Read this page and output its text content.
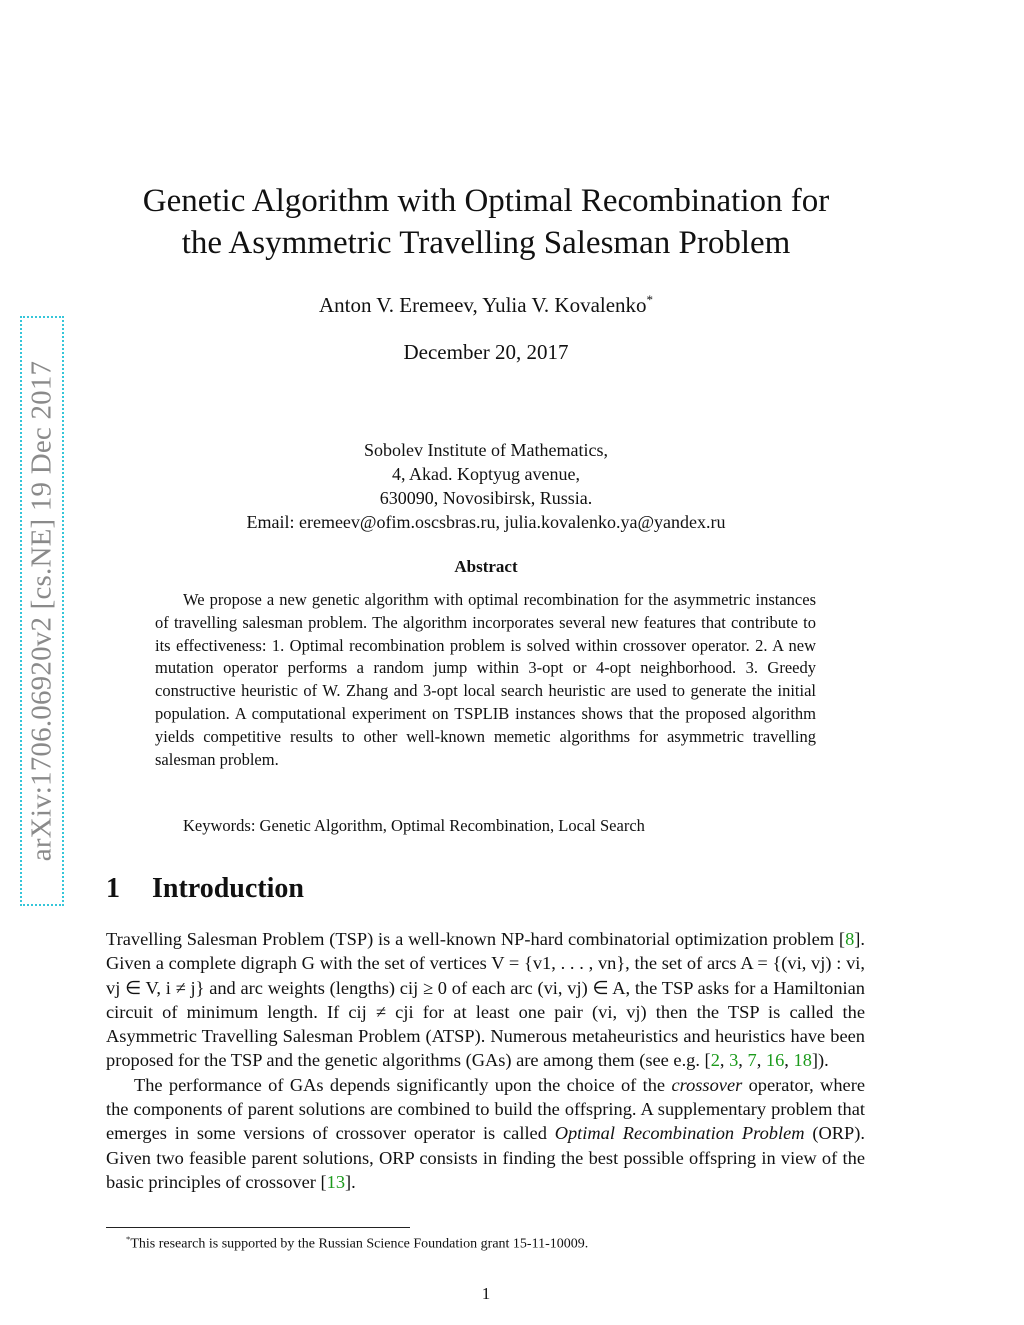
arXiv:1706.06920v2 [cs.NE] 19 Dec 2017
Genetic Algorithm with Optimal Recombination for
the Asymmetric Travelling Salesman Problem
Anton V. Eremeev, Yulia V. Kovalenko*
December 20, 2017
Sobolev Institute of Mathematics,
4, Akad. Koptyug avenue,
630090, Novosibirsk, Russia.
Email: eremeev@ofim.oscsbras.ru, julia.kovalenko.ya@yandex.ru
Abstract
We propose a new genetic algorithm with optimal recombination for the asymmetric instances of travelling salesman problem. The algorithm incorporates several new features that contribute to its effectiveness: 1. Optimal recombination problem is solved within crossover operator. 2. A new mutation operator performs a random jump within 3-opt or 4-opt neighborhood. 3. Greedy constructive heuristic of W. Zhang and 3-opt local search heuristic are used to generate the initial population. A computational experiment on TSPLIB instances shows that the proposed algorithm yields competitive results to other well-known memetic algorithms for asymmetric travelling salesman problem.
Keywords: Genetic Algorithm, Optimal Recombination, Local Search
1 Introduction

Travelling Salesman Problem (TSP) is a well-known NP-hard combinatorial optimization problem [8]. Given a complete digraph G with the set of vertices V = {v1, . . . , vn}, the set of arcs A = {(vi, vj) : vi, vj ∈ V, i ≠ j} and arc weights (lengths) cij ≥ 0 of each arc (vi, vj) ∈ A, the TSP asks for a Hamiltonian circuit of minimum length. If cij ≠ cji for at least one pair (vi, vj) then the TSP is called the Asymmetric Travelling Salesman Problem (ATSP). Numerous metaheuristics and heuristics have been proposed for the TSP and the genetic algorithms (GAs) are among them (see e.g. [2, 3, 7, 16, 18]).

The performance of GAs depends significantly upon the choice of the crossover operator, where the components of parent solutions are combined to build the offspring. A supplementary problem that emerges in some versions of crossover operator is called Optimal Recombination Problem (ORP). Given two feasible parent solutions, ORP consists in finding the best possible offspring in view of the basic principles of crossover [13].

*This research is supported by the Russian Science Foundation grant 15-11-10009.
1
